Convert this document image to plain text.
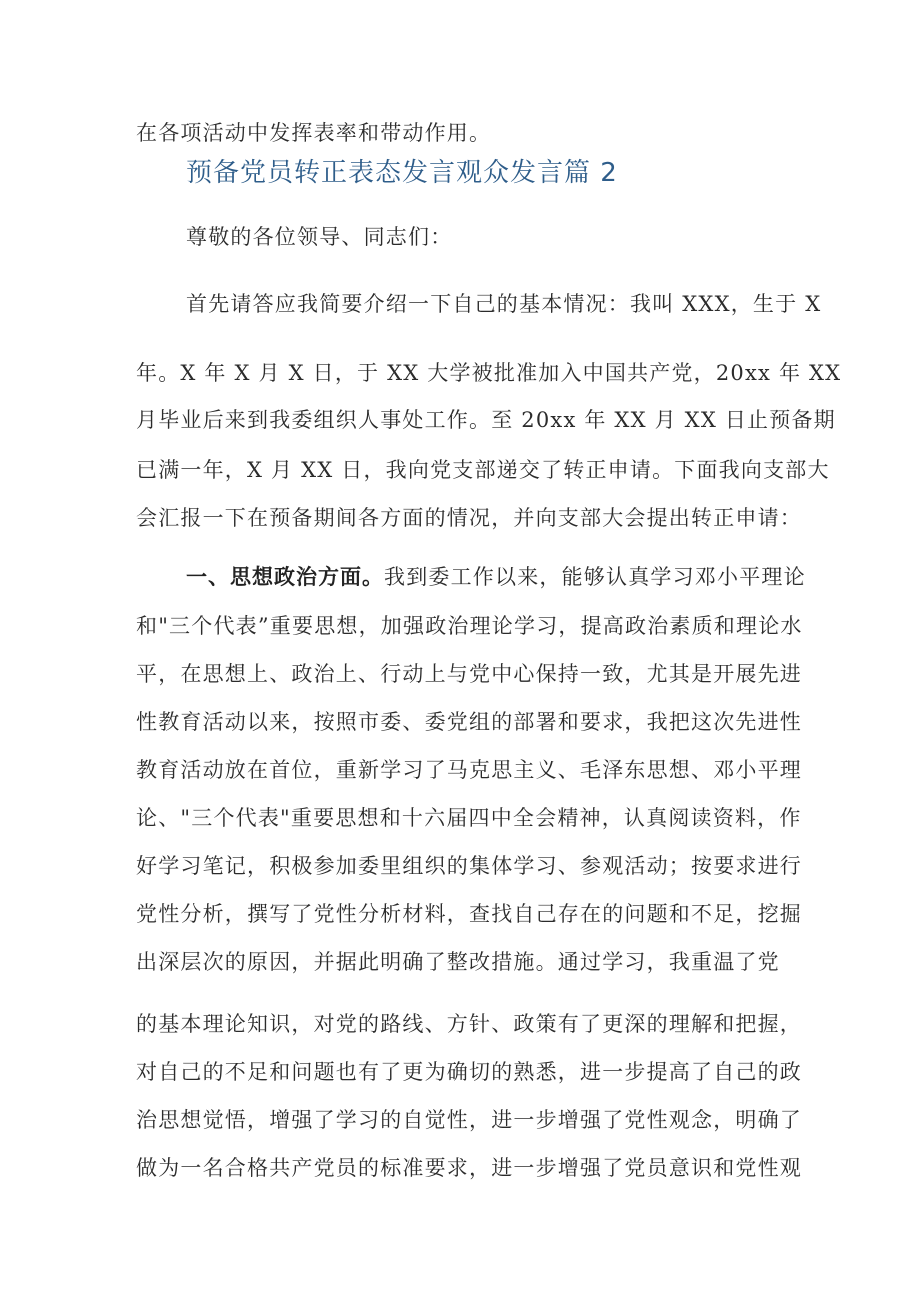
在各项活动中发挥表率和带动作用。
预备党员转正表态发言观众发言篇 2
尊敬的各位领导、同志们：
首先请答应我简要介绍一下自己的基本情况：我叫 XXX，生于 X
年。X 年 X 月 X 日，于 XX 大学被批准加入中国共产党，20xx 年 XX
月毕业后来到我委组织人事处工作。至 20xx 年 XX 月 XX 日止预备期
已满一年，X 月 XX 日，我向党支部递交了转正申请。下面我向支部大
会汇报一下在预备期间各方面的情况，并向支部大会提出转正申请：
一、思想政治方面。我到委工作以来，能够认真学习邓小平理论
和"三个代表”重要思想，加强政治理论学习，提高政治素质和理论水
平，在思想上、政治上、行动上与党中心保持一致，尤其是开展先进
性教育活动以来，按照市委、委党组的部署和要求，我把这次先进性
教育活动放在首位，重新学习了马克思主义、毛泽东思想、邓小平理
论、"三个代表"重要思想和十六届四中全会精神，认真阅读资料，作
好学习笔记，积极参加委里组织的集体学习、参观活动；按要求进行
党性分析，撰写了党性分析材料，查找自己存在的问题和不足，挖掘
出深层次的原因，并据此明确了整改措施。通过学习，我重温了党
的基本理论知识，对党的路线、方针、政策有了更深的理解和把握，
对自己的不足和问题也有了更为确切的熟悉，进一步提高了自己的政
治思想觉悟，增强了学习的自觉性，进一步增强了党性观念，明确了
做为一名合格共产党员的标准要求，进一步增强了党员意识和党性观
